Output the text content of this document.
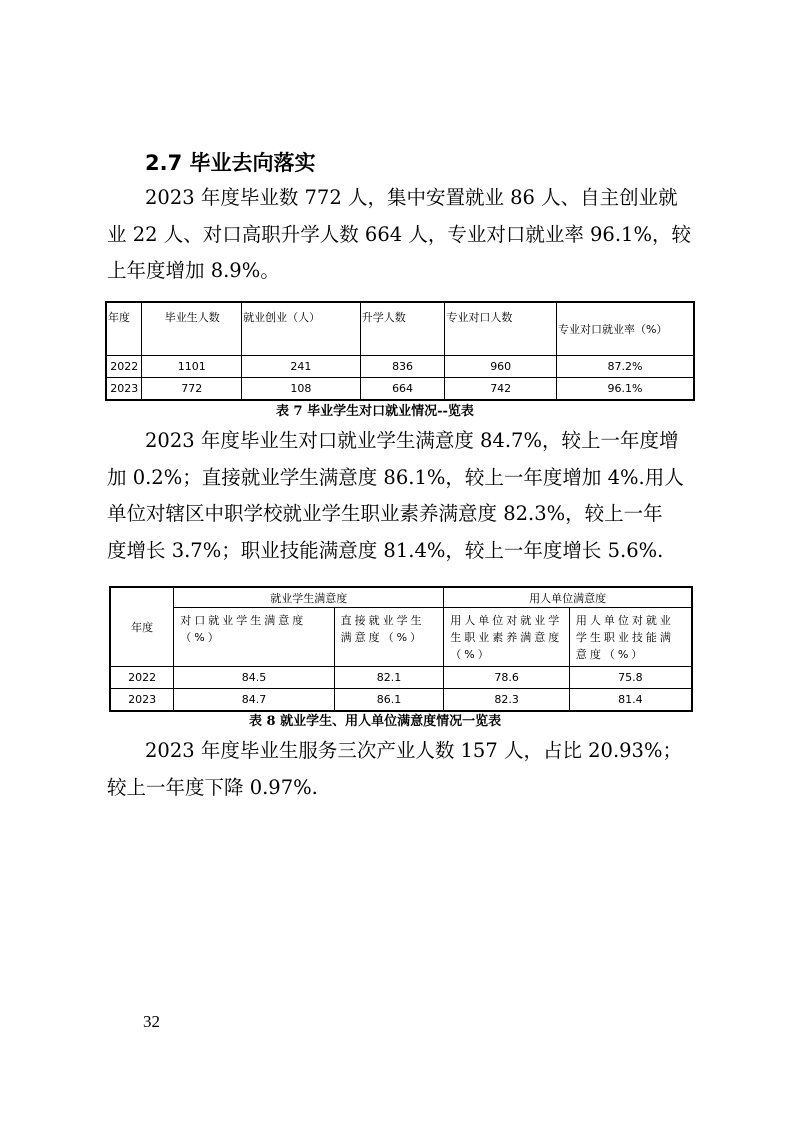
2.7 毕业去向落实
2023 年度毕业数 772 人，集中安置就业 86 人、自主创业就
业 22 人、对口高职升学人数 664 人，专业对口就业率 96.1%，较
上年度增加 8.9%。
年度	毕业生人数	就业创业（人）	升学人数	专业对口人数	专业对口就业率（%）
2022	1101	241	836	960	87.2%
2023	772	108	664	742	96.1%
表 7 毕业学生对口就业情况--览表
2023 年度毕业生对口就业学生满意度 84.7%，较上一年度增
加 0.2%；直接就业学生满意度 86.1%，较上一年度增加 4%.用人
单位对辖区中职学校就业学生职业素养满意度 82.3%，较上一年
度增长 3.7%；职业技能满意度 81.4%，较上一年度增长 5.6%.
年度	就业学生满意度		用人单位满意度	
	对口就业学生满意度（%）	直接就业学生满意度（%）	用人单位对就业学生职业素养满意度（%）	用人单位对就业学生职业技能满意度（%）
2022	84.5	82.1	78.6	75.8
2023	84.7	86.1	82.3	81.4
表 8 就业学生、用人单位满意度情况一览表
2023 年度毕业生服务三次产业人数 157 人，占比 20.93%；
较上一年度下降 0.97%.
32
